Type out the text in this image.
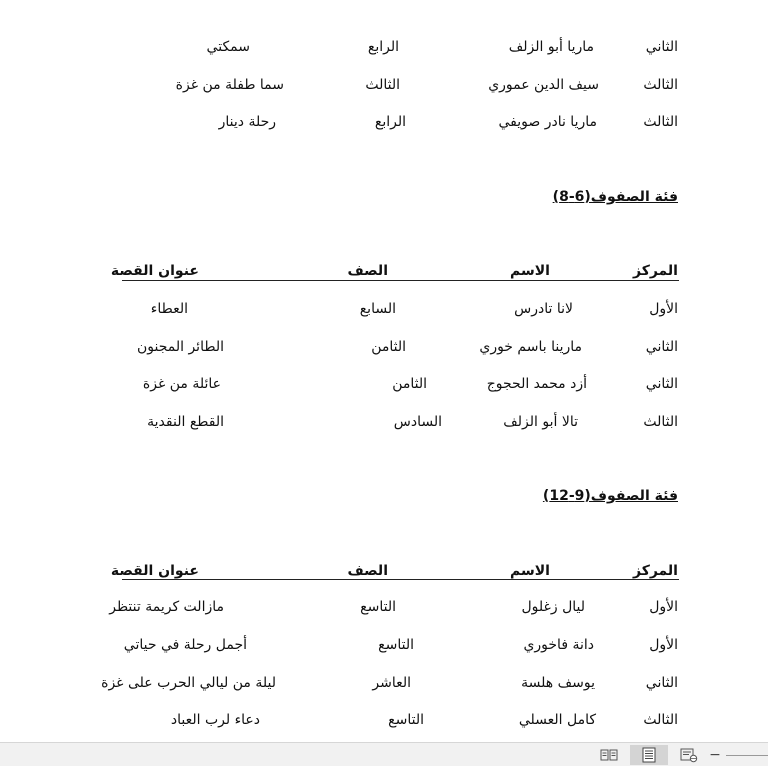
الثاني
ماريا أبو الزلف
الرابع
سمكتي
الثالث
سيف الدين عموري
الثالث
سما طفلة من غزة
الثالث
ماريا نادر صويفي
الرابع
رحلة دينار
فئة الصفوف(6-8)
المركز
الاسم
الصف
عنوان القصة
الأول
لانا تادرس
السابع
العطاء
الثاني
مارينا باسم خوري
الثامن
الطائر المجنون
الثاني
أزد محمد الحجوج
الثامن
عائلة من غزة
الثالث
تالا أبو الزلف
السادس
القطع النقدية
فئة الصفوف(9-12)
المركز
الاسم
الصف
عنوان القصة
الأول
ليال زغلول
التاسع
مازالت كريمة تنتظر
الأول
دانة فاخوري
التاسع
أجمل رحلة في حياتي
الثاني
يوسف هلسة
العاشر
ليلة من ليالي الحرب على غزة
الثالث
كامل العسلي
التاسع
دعاء لرب العباد
−
